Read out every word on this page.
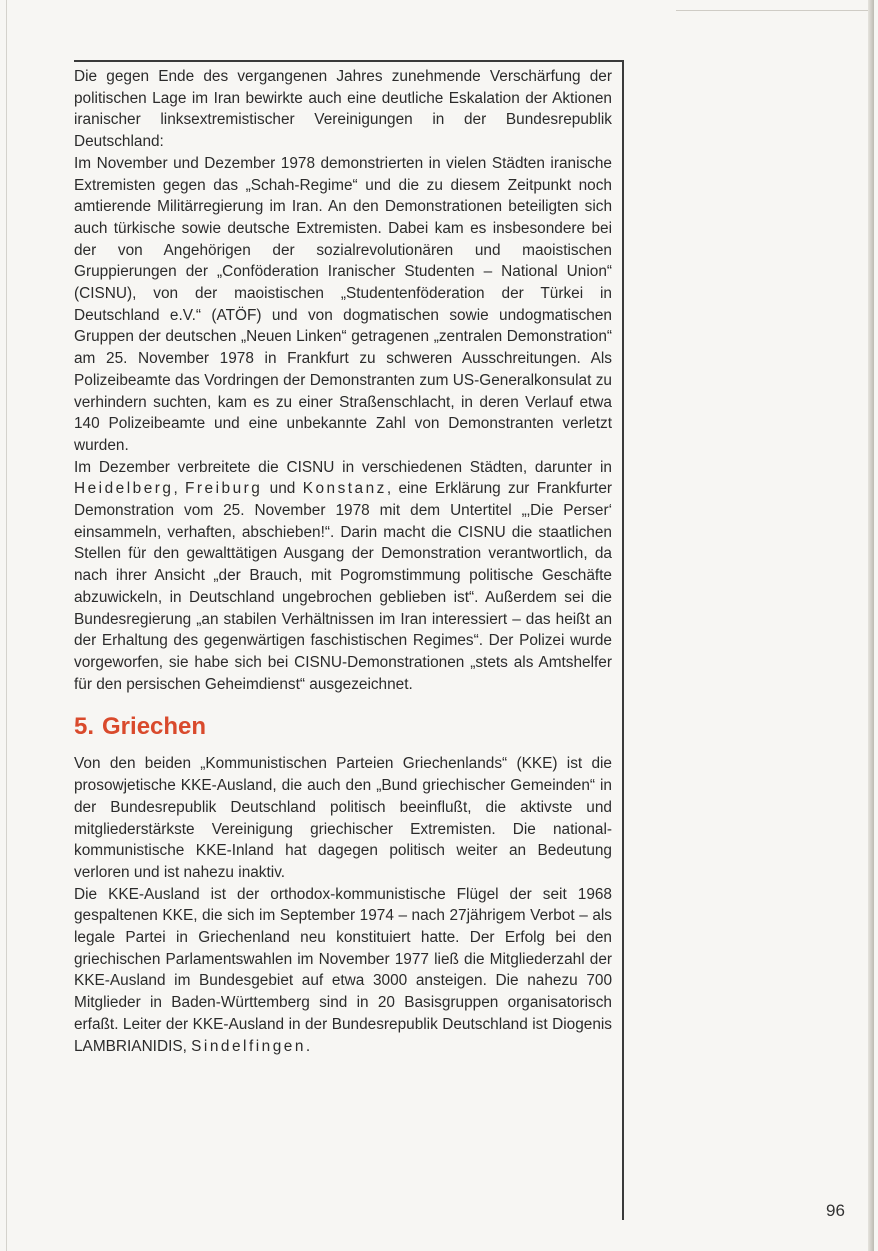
Die gegen Ende des vergangenen Jahres zunehmende Verschärfung der politischen Lage im Iran bewirkte auch eine deutliche Eskalation der Aktionen iranischer linksextremistischer Vereinigungen in der Bundesrepublik Deutschland:

Im November und Dezember 1978 demonstrierten in vielen Städten iranische Extremisten gegen das „Schah-Regime“ und die zu diesem Zeitpunkt noch amtierende Militärregierung im Iran. An den Demonstrationen beteiligten sich auch türkische sowie deutsche Extremisten. Dabei kam es insbesondere bei der von Angehörigen der sozialrevolutionären und maoistischen Gruppierungen der „Conföderation Iranischer Studenten – National Union“ (CISNU), von der maoistischen „Studentenföderation der Türkei in Deutschland e.V.“ (ATÖF) und von dogmatischen sowie undogmatischen Gruppen der deutschen „Neuen Linken“ getragenen „zentralen Demonstration“ am 25. November 1978 in Frankfurt zu schweren Ausschreitungen. Als Polizeibeamte das Vordringen der Demonstranten zum US-Generalkonsulat zu verhindern suchten, kam es zu einer Straßenschlacht, in deren Verlauf etwa 140 Polizeibeamte und eine unbekannte Zahl von Demonstranten verletzt wurden.

Im Dezember verbreitete die CISNU in verschiedenen Städten, darunter in Heidelberg, Freiburg und Konstanz, eine Erklärung zur Frankfurter Demonstration vom 25. November 1978 mit dem Untertitel „‚Die Perser‘ einsammeln, verhaften, abschieben!“. Darin macht die CISNU die staatlichen Stellen für den gewalttätigen Ausgang der Demonstration verantwortlich, da nach ihrer Ansicht „der Brauch, mit Pogromstimmung politische Geschäfte abzuwickeln, in Deutschland ungebrochen geblieben ist“. Außerdem sei die Bundesregierung „an stabilen Verhältnissen im Iran interessiert – das heißt an der Erhaltung des gegenwärtigen faschistischen Regimes“. Der Polizei wurde vorgeworfen, sie habe sich bei CISNU-Demonstrationen „stets als Amtshelfer für den persischen Geheimdienst“ ausgezeichnet.

5. Griechen

Von den beiden „Kommunistischen Parteien Griechenlands“ (KKE) ist die prosowjetische KKE-Ausland, die auch den „Bund griechischer Gemeinden“ in der Bundesrepublik Deutschland politisch beeinflußt, die aktivste und mitgliederstärkste Vereinigung griechischer Extremisten. Die national-kommunistische KKE-Inland hat dagegen politisch weiter an Bedeutung verloren und ist nahezu inaktiv.

Die KKE-Ausland ist der orthodox-kommunistische Flügel der seit 1968 gespaltenen KKE, die sich im September 1974 – nach 27jährigem Verbot – als legale Partei in Griechenland neu konstituiert hatte. Der Erfolg bei den griechischen Parlamentswahlen im November 1977 ließ die Mitgliederzahl der KKE-Ausland im Bundesgebiet auf etwa 3000 ansteigen. Die nahezu 700 Mitglieder in Baden-Württemberg sind in 20 Basisgruppen organisatorisch erfaßt. Leiter der KKE-Ausland in der Bundesrepublik Deutschland ist Diogenis LAMBRIANIDIS, Sindelfingen.

96
